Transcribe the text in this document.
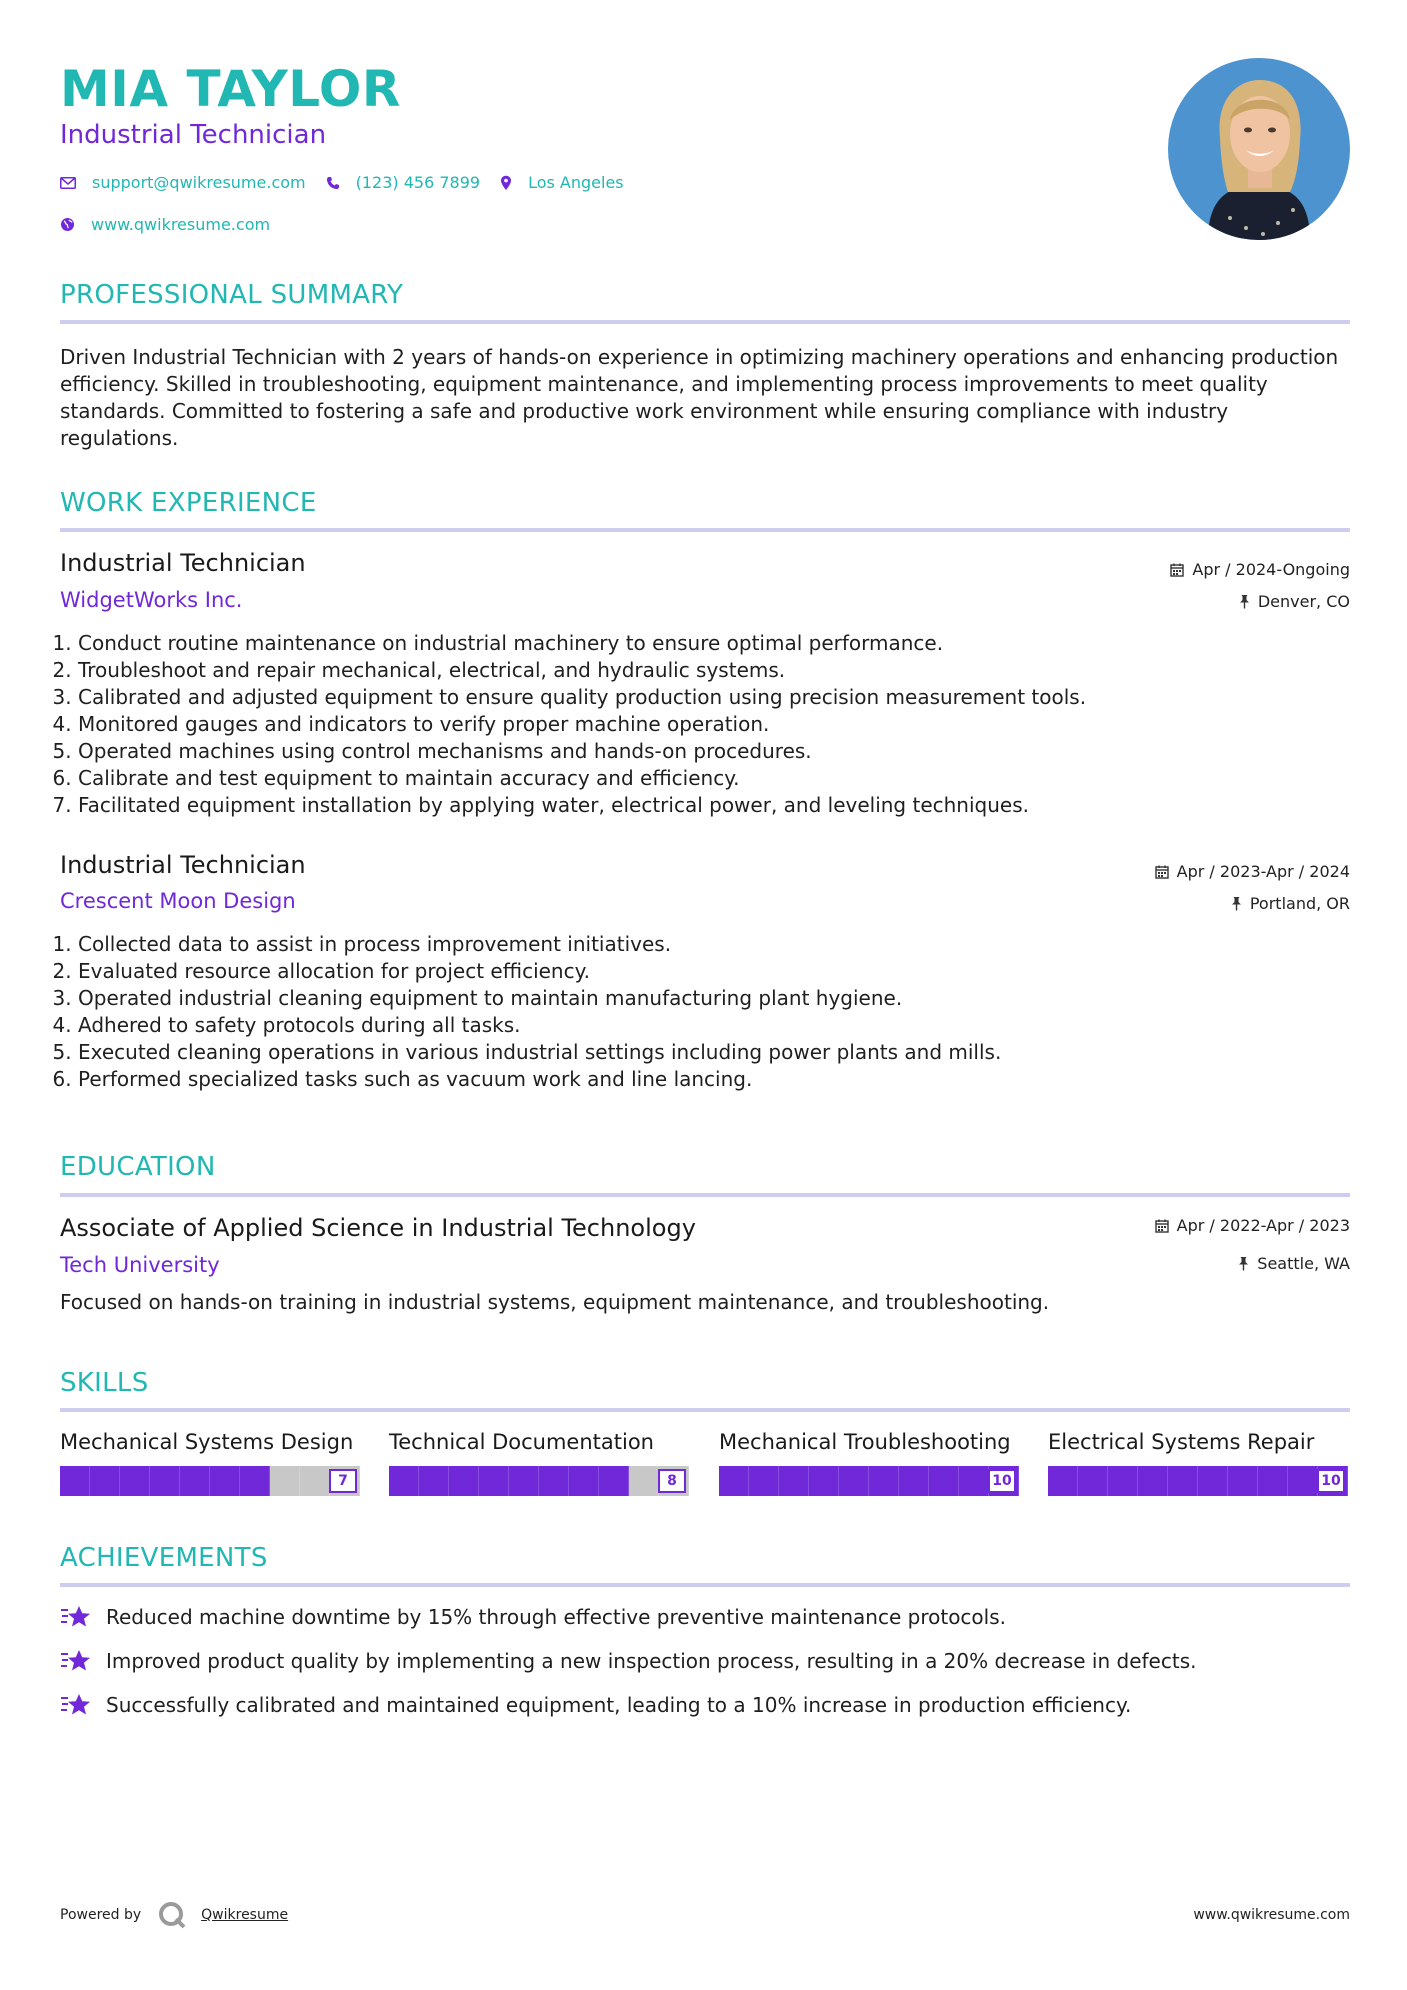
MIA TAYLOR
Industrial Technician
support@qwikresume.com	(123) 456 7899	Los Angeles
www.qwikresume.com
PROFESSIONAL SUMMARY
Driven Industrial Technician with 2 years of hands-on experience in optimizing machinery operations and enhancing production efficiency. Skilled in troubleshooting, equipment maintenance, and implementing process improvements to meet quality standards. Committed to fostering a safe and productive work environment while ensuring compliance with industry regulations.
WORK EXPERIENCE
Industrial Technician
WidgetWorks Inc.
Apr / 2024-Ongoing
Denver, CO
1. Conduct routine maintenance on industrial machinery to ensure optimal performance.
2. Troubleshoot and repair mechanical, electrical, and hydraulic systems.
3. Calibrated and adjusted equipment to ensure quality production using precision measurement tools.
4. Monitored gauges and indicators to verify proper machine operation.
5. Operated machines using control mechanisms and hands-on procedures.
6. Calibrate and test equipment to maintain accuracy and efficiency.
7. Facilitated equipment installation by applying water, electrical power, and leveling techniques.
Industrial Technician
Crescent Moon Design
Apr / 2023-Apr / 2024
Portland, OR
1. Collected data to assist in process improvement initiatives.
2. Evaluated resource allocation for project efficiency.
3. Operated industrial cleaning equipment to maintain manufacturing plant hygiene.
4. Adhered to safety protocols during all tasks.
5. Executed cleaning operations in various industrial settings including power plants and mills.
6. Performed specialized tasks such as vacuum work and line lancing.
EDUCATION
Associate of Applied Science in Industrial Technology
Tech University
Apr / 2022-Apr / 2023
Seattle, WA
Focused on hands-on training in industrial systems, equipment maintenance, and troubleshooting.
SKILLS
Mechanical Systems Design
7
Technical Documentation
8
Mechanical Troubleshooting
10
Electrical Systems Repair
10
ACHIEVEMENTS
Reduced machine downtime by 15% through effective preventive maintenance protocols.
Improved product quality by implementing a new inspection process, resulting in a 20% decrease in defects.
Successfully calibrated and maintained equipment, leading to a 10% increase in production efficiency.
Powered by	Qwikresume	www.qwikresume.com
